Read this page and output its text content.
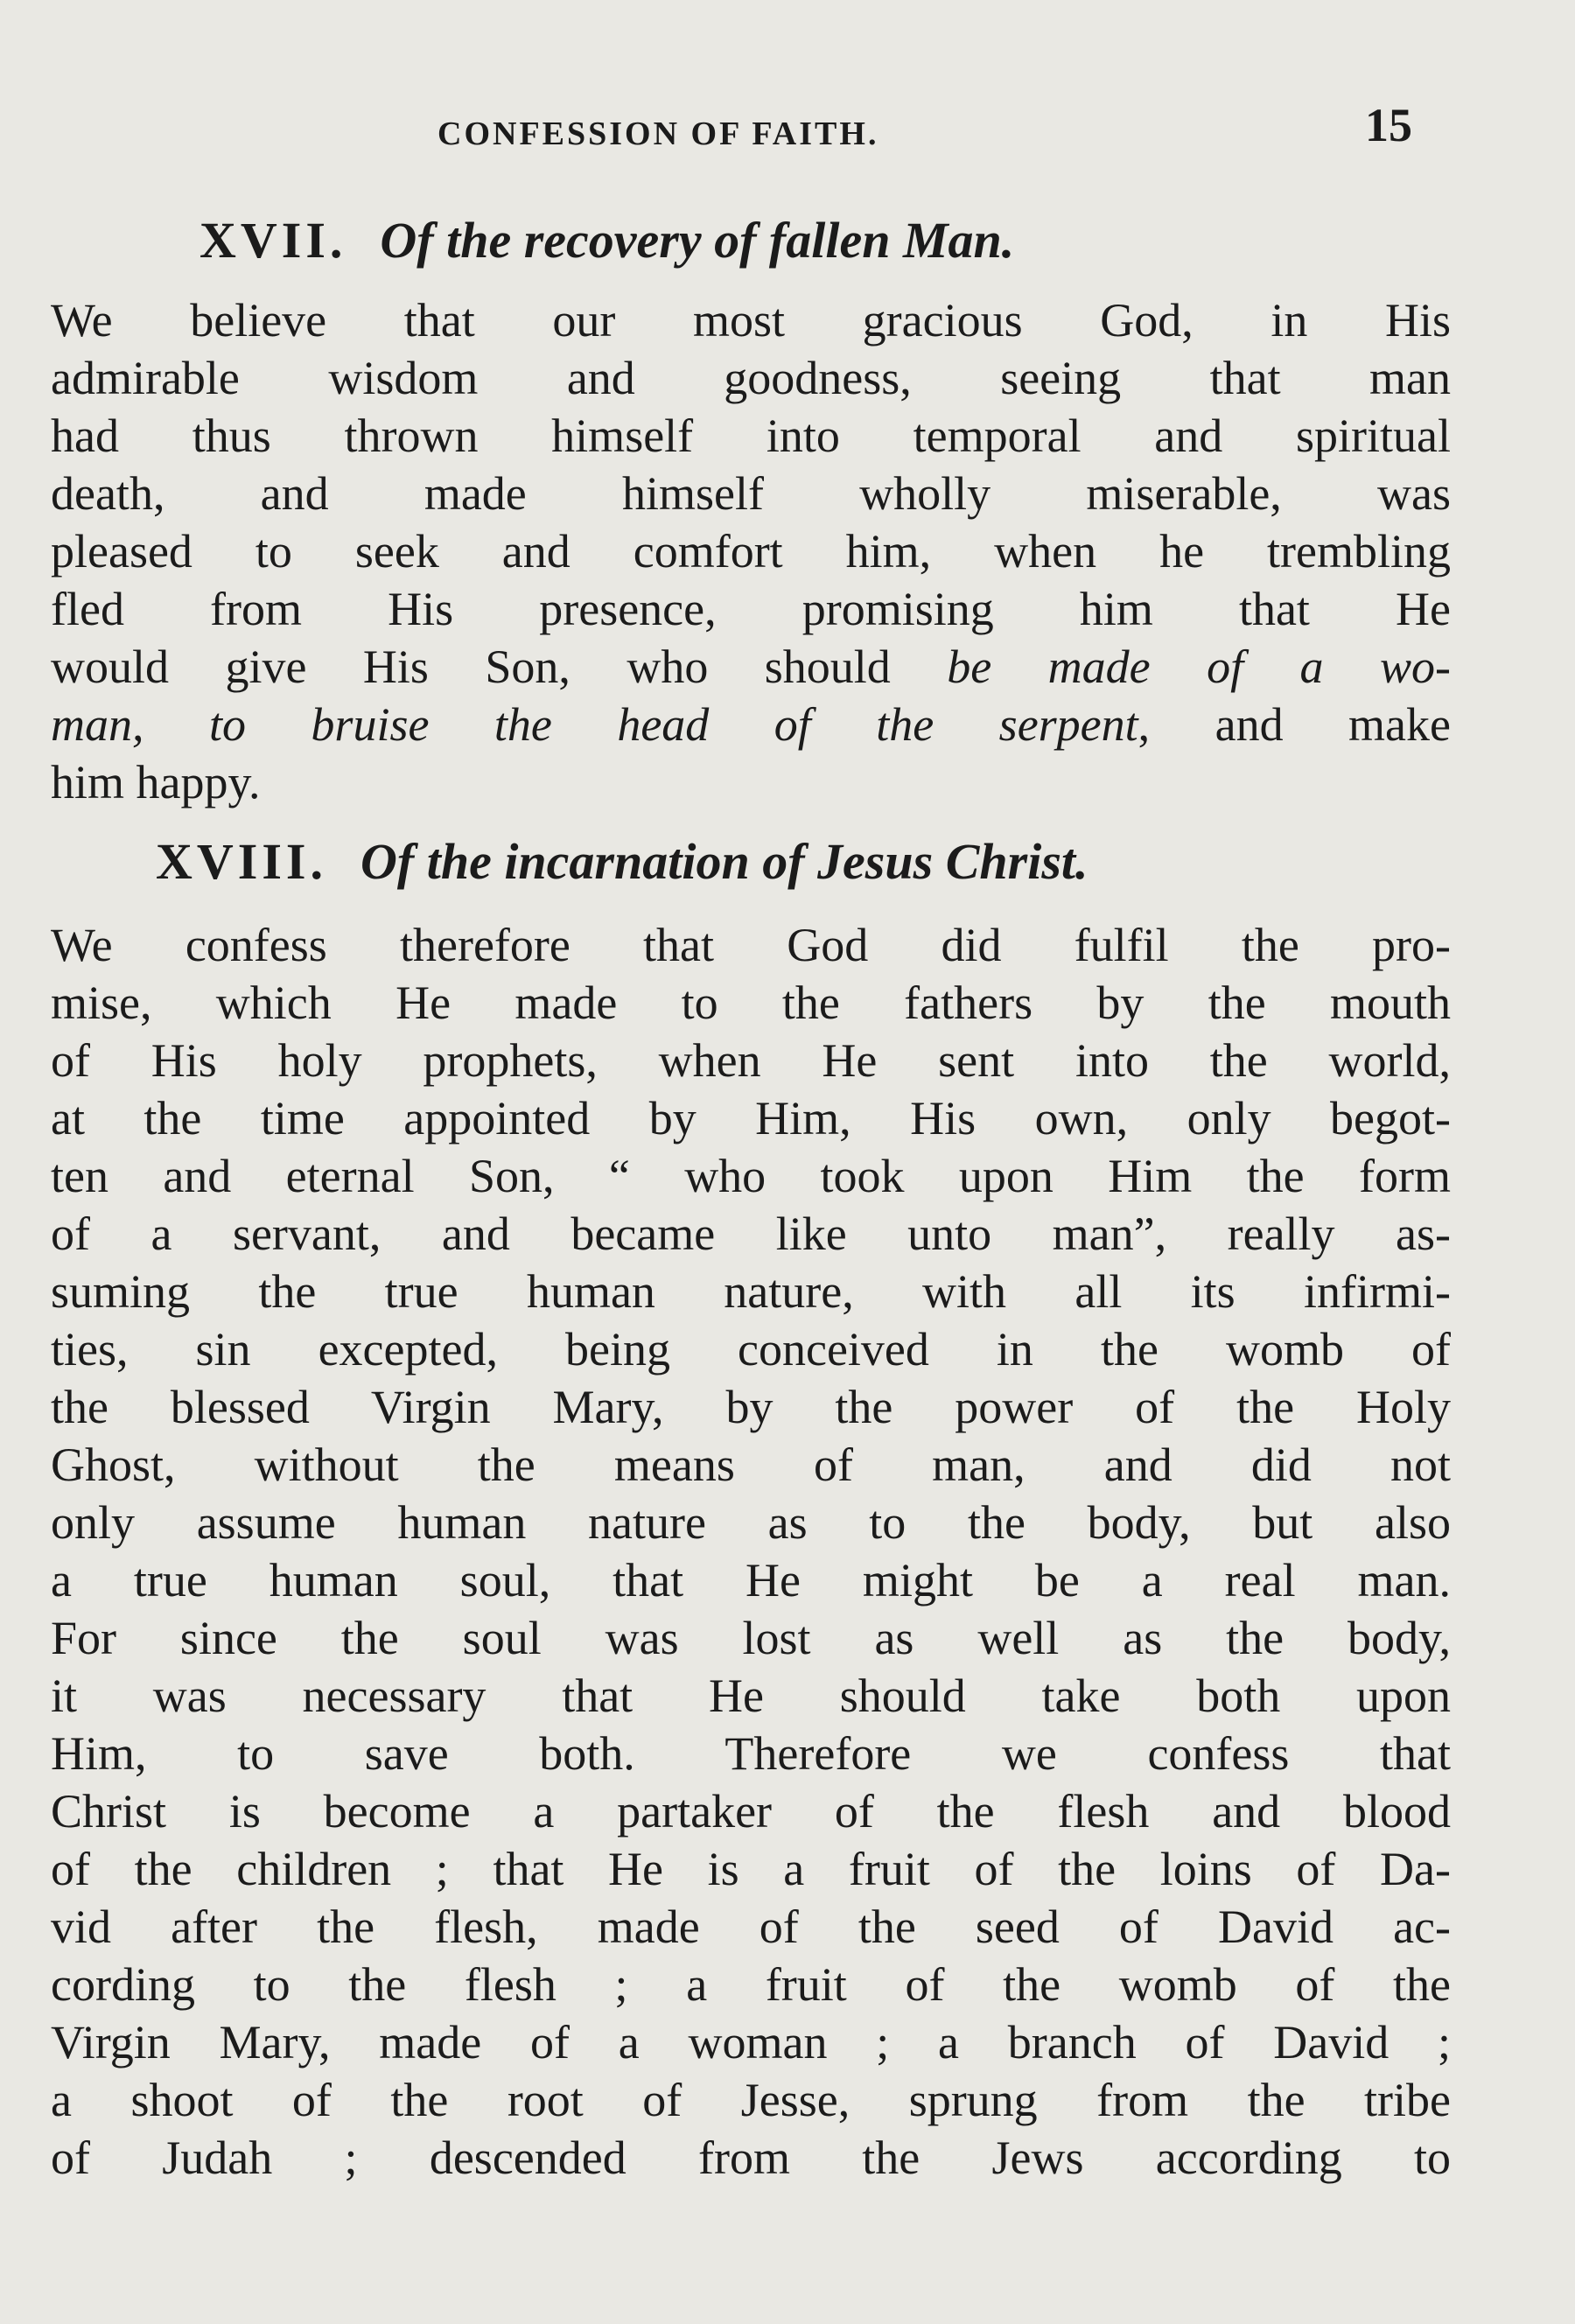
CONFESSION OF FAITH.	15
XVII. Of the recovery of fallen Man.

We believe that our most gracious God, in His
admirable wisdom and goodness, seeing that man
had thus thrown himself into temporal and spiritual
death, and made himself wholly miserable, was
pleased to seek and comfort him, when he trembling
fled from His presence, promising him that He
would give His Son, who should be made of a wo-
man, to bruise the head of the serpent, and make
him happy.

XVIII. Of the incarnation of Jesus Christ.

We confess therefore that God did fulfil the pro-
mise, which He made to the fathers by the mouth
of His holy prophets, when He sent into the world,
at the time appointed by Him, His own, only begot-
ten and eternal Son, “ who took upon Him the form
of a servant, and became like unto man”, really as-
suming the true human nature, with all its infirmi-
ties, sin excepted, being conceived in the womb of
the blessed Virgin Mary, by the power of the Holy
Ghost, without the means of man, and did not
only assume human nature as to the body, but also
a true human soul, that He might be a real man.
For since the soul was lost as well as the body,
it was necessary that He should take both upon
Him, to save both. Therefore we confess that
Christ is become a partaker of the flesh and blood
of the children ; that He is a fruit of the loins of Da-
vid after the flesh, made of the seed of David ac-
cording to the flesh ; a fruit of the womb of the
Virgin Mary, made of a woman ; a branch of David ;
a shoot of the root of Jesse, sprung from the tribe
of Judah ; descended from the Jews according to
